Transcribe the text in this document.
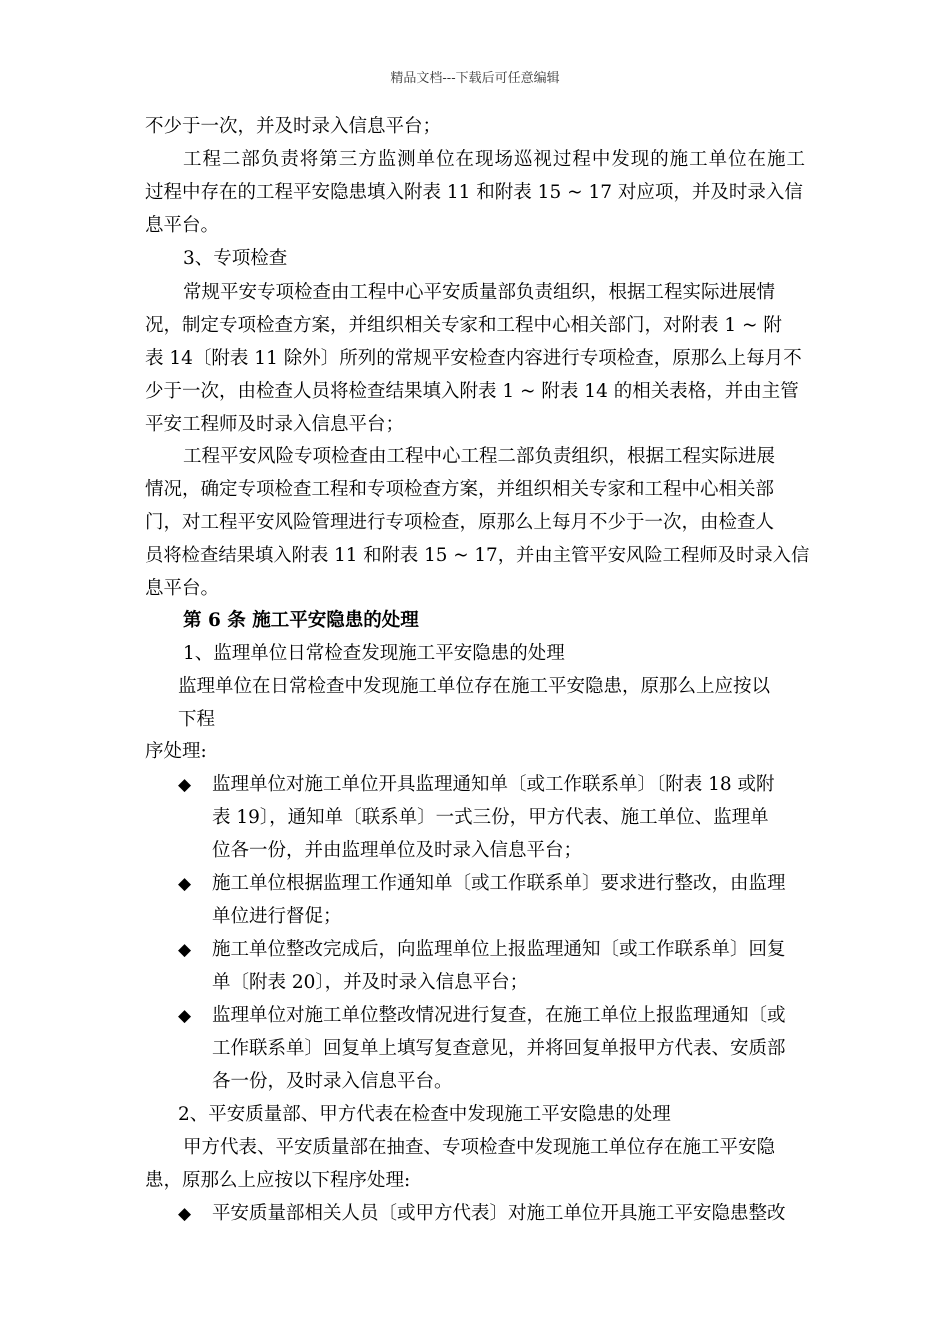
精品文档---下载后可任意编辑
不少于一次，并及时录入信息平台；
工程二部负责将第三方监测单位在现场巡视过程中发现的施工单位在施工
过程中存在的工程平安隐患填入附表 11 和附表 15 ~ 17 对应项，并及时录入信
息平台。
3、专项检查
常规平安专项检查由工程中心平安质量部负责组织，根据工程实际进展情
况，制定专项检查方案，并组织相关专家和工程中心相关部门，对附表 1 ~ 附
表 14〔附表 11 除外〕所列的常规平安检查内容进行专项检查，原那么上每月不
少于一次，由检查人员将检查结果填入附表 1 ~ 附表 14 的相关表格，并由主管
平安工程师及时录入信息平台；
工程平安风险专项检查由工程中心工程二部负责组织，根据工程实际进展
情况，确定专项检查工程和专项检查方案，并组织相关专家和工程中心相关部
门，对工程平安风险管理进行专项检查，原那么上每月不少于一次，由检查人
员将检查结果填入附表 11 和附表 15 ~ 17，并由主管平安风险工程师及时录入信
息平台。
第 6 条 施工平安隐患的处理
1、监理单位日常检查发现施工平安隐患的处理
监理单位在日常检查中发现施工单位存在施工平安隐患，原那么上应按以
下程
序处理:
◆ 监理单位对施工单位开具监理通知单〔或工作联系单〕〔附表 18 或附
表 19〕，通知单〔联系单〕一式三份，甲方代表、施工单位、监理单
位各一份，并由监理单位及时录入信息平台；
◆ 施工单位根据监理工作通知单〔或工作联系单〕要求进行整改，由监理
单位进行督促；
◆ 施工单位整改完成后，向监理单位上报监理通知〔或工作联系单〕回复
单〔附表 20〕，并及时录入信息平台；
◆ 监理单位对施工单位整改情况进行复查，在施工单位上报监理通知〔或
工作联系单〕回复单上填写复查意见，并将回复单报甲方代表、安质部
各一份，及时录入信息平台。
2、平安质量部、甲方代表在检查中发现施工平安隐患的处理
甲方代表、平安质量部在抽查、专项检查中发现施工单位存在施工平安隐
患，原那么上应按以下程序处理:
◆ 平安质量部相关人员〔或甲方代表〕对施工单位开具施工平安隐患整改
